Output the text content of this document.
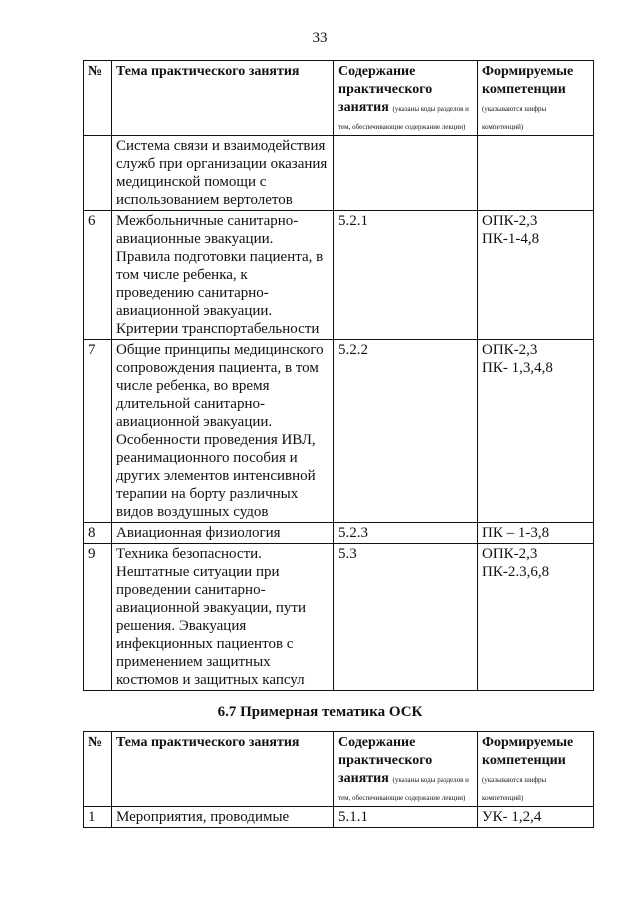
33
№	Тема практического занятия	Содержание практического занятия (указаны коды разделов и тем, обеспечивающие содержание лекции)	Формируемые компетенции (указываются шифры компетенций)
	Система связи и взаимодействия служб при организации оказания медицинской помощи с использованием вертолетов		
6	Межбольничные санитарно-авиационные эвакуации. Правила подготовки пациента, в том числе ребенка, к проведению санитарно-авиационной эвакуации. Критерии транспортабельности	5.2.1	ОПК-2,3
ПК-1-4,8
7	Общие принципы медицинского сопровождения пациента, в том числе ребенка, во время длительной санитарно-авиационной эвакуации. Особенности проведения ИВЛ, реанимационного пособия и других элементов интенсивной терапии на борту различных видов воздушных судов	5.2.2	ОПК-2,3
ПК- 1,3,4,8
8	Авиационная физиология	5.2.3	ПК – 1-3,8
9	Техника безопасности. Нештатные ситуации при проведении санитарно-авиационной эвакуации, пути решения. Эвакуация инфекционных пациентов с применением защитных костюмов и защитных капсул	5.3	ОПК-2,3
ПК-2.3,6,8
6.7 Примерная тематика ОСК
№	Тема практического занятия	Содержание практического занятия (указаны коды разделов и тем, обеспечивающие содержание лекции)	Формируемые компетенции (указываются шифры компетенций)
1	Мероприятия, проводимые	5.1.1	УК- 1,2,4
